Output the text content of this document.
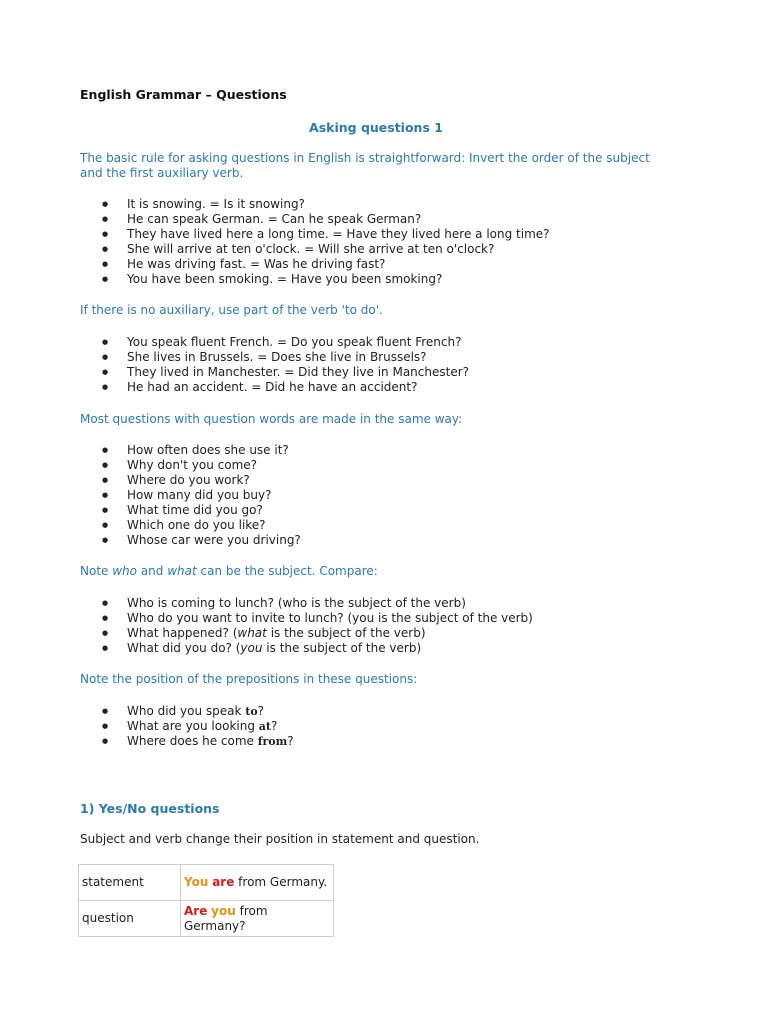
English Grammar – Questions
Asking questions 1
The basic rule for asking questions in English is straightforward: Invert the order of the subject and the first auxiliary verb.
● It is snowing. = Is it snowing?
● He can speak German. = Can he speak German?
● They have lived here a long time. = Have they lived here a long time?
● She will arrive at ten o'clock. = Will she arrive at ten o'clock?
● He was driving fast. = Was he driving fast?
● You have been smoking. = Have you been smoking?
If there is no auxiliary, use part of the verb 'to do'.
● You speak fluent French. = Do you speak fluent French?
● She lives in Brussels. = Does she live in Brussels?
● They lived in Manchester. = Did they live in Manchester?
● He had an accident. = Did he have an accident?
Most questions with question words are made in the same way:
● How often does she use it?
● Why don't you come?
● Where do you work?
● How many did you buy?
● What time did you go?
● Which one do you like?
● Whose car were you driving?
Note who and what can be the subject. Compare:
● Who is coming to lunch? (who is the subject of the verb)
● Who do you want to invite to lunch? (you is the subject of the verb)
● What happened? (what is the subject of the verb)
● What did you do? (you is the subject of the verb)
Note the position of the prepositions in these questions:
● Who did you speak to?
● What are you looking at?
● Where does he come from?
1) Yes/No questions
Subject and verb change their position in statement and question.
statement	You are from Germany.
question	Are you from Germany?
